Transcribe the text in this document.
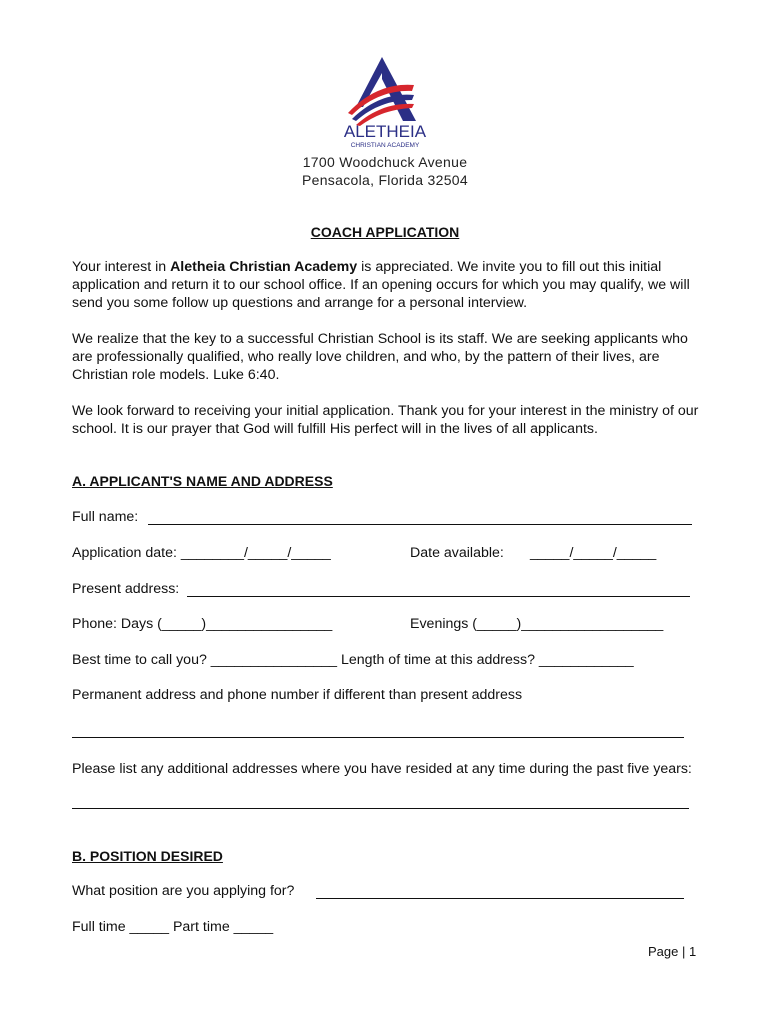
ALETHEIA
CHRISTIAN ACADEMY
1700 Woodchuck Avenue
Pensacola, Florida 32504
COACH APPLICATION
Your interest in Aletheia Christian Academy is appreciated. We invite you to fill out this initial application and return it to our school office. If an opening occurs for which you may qualify, we will send you some follow up questions and arrange for a personal interview.
We realize that the key to a successful Christian School is its staff. We are seeking applicants who are professionally qualified, who really love children, and who, by the pattern of their lives, are Christian role models. Luke 6:40.
We look forward to receiving your initial application. Thank you for your interest in the ministry of our school. It is our prayer that God will fulfill His perfect will in the lives of all applicants.
A. APPLICANT'S NAME AND ADDRESS
Full name:
Application date: ________/_____/_____	Date available: _____/_____/_____
Present address:
Phone: Days (_____)________________	Evenings (_____)__________________
Best time to call you? ________________ Length of time at this address? ____________
Permanent address and phone number if different than present address
Please list any additional addresses where you have resided at any time during the past five years:
B. POSITION DESIRED
What position are you applying for?
Full time _____ Part time _____
Page | 1
